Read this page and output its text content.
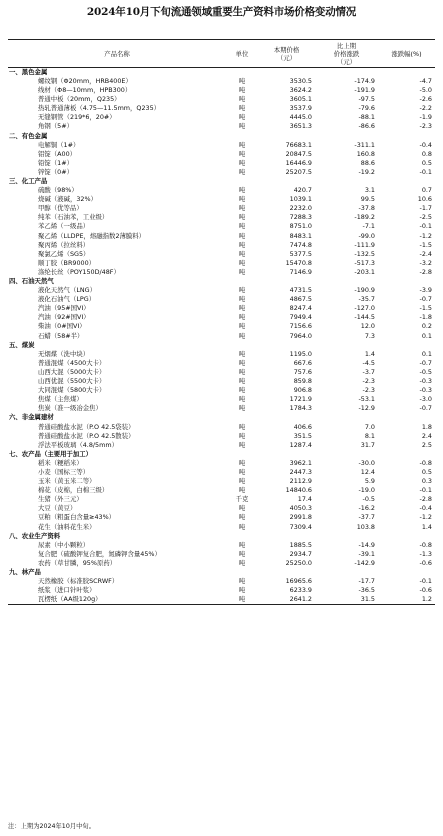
2024年10月下旬流通领域重要生产资料市场价格变动情况
产品名称	单位	本期价格
（元）	比上期
价格涨跌
（元）	涨跌幅(%)
一、黑色金属				
螺纹钢（Φ20mm，HRB400E）	吨	3530.5	-174.9	-4.7
线材（Φ8—10mm，HPB300）	吨	3624.2	-191.9	-5.0
普通中板（20mm，Q235）	吨	3605.1	-97.5	-2.6
热轧普通薄板（4.75—11.5mm，Q235）	吨	3537.9	-79.6	-2.2
无缝钢管（219*6，20#）	吨	4445.0	-88.1	-1.9
角钢（5#）	吨	3651.3	-86.6	-2.3
二、有色金属				
电解铜（1#）	吨	76683.1	-311.1	-0.4
铝锭（A00）	吨	20847.5	160.8	0.8
铅锭（1#）	吨	16446.9	88.6	0.5
锌锭（0#）	吨	25207.5	-19.2	-0.1
三、化工产品				
硫酸（98%）	吨	420.7	3.1	0.7
烧碱（液碱，32%）	吨	1039.1	99.5	10.6
甲醇（优等品）	吨	2232.0	-37.8	-1.7
纯苯（石油苯，工业级）	吨	7288.3	-189.2	-2.5
苯乙烯（一级品）	吨	8751.0	-7.1	-0.1
聚乙烯（LLDPE，熔融指数2薄膜料）	吨	8483.1	-99.0	-1.2
聚丙烯（拉丝料）	吨	7474.8	-111.9	-1.5
聚氯乙烯（SG5）	吨	5377.5	-132.5	-2.4
顺丁胶（BR9000）	吨	15470.8	-517.3	-3.2
涤纶长丝（POY150D/48F）	吨	7146.9	-203.1	-2.8
四、石油天然气				
液化天然气（LNG）	吨	4731.5	-190.9	-3.9
液化石油气（LPG）	吨	4867.5	-35.7	-0.7
汽油（95#国VI）	吨	8247.4	-127.0	-1.5
汽油（92#国VI）	吨	7949.4	-144.5	-1.8
柴油（0#国VI）	吨	7156.6	12.0	0.2
石蜡（58#半）	吨	7964.0	7.3	0.1
五、煤炭				
无烟煤（洗中块）	吨	1195.0	1.4	0.1
普通混煤（4500大卡）	吨	667.6	-4.5	-0.7
山西大混（5000大卡）	吨	757.6	-3.7	-0.5
山西优混（5500大卡）	吨	859.8	-2.3	-0.3
大同混煤（5800大卡）	吨	906.8	-2.3	-0.3
焦煤（主焦煤）	吨	1721.9	-53.1	-3.0
焦炭（准一级冶金焦）	吨	1784.3	-12.9	-0.7
六、非金属建材				
普通硅酸盐水泥（P.O 42.5袋装）	吨	406.6	7.0	1.8
普通硅酸盐水泥（P.O 42.5散装）	吨	351.5	8.1	2.4
浮法平板玻璃（4.8/5mm）	吨	1287.4	31.7	2.5
七、农产品（主要用于加工）				
稻米（粳稻米）	吨	3962.1	-30.0	-0.8
小麦（国标三等）	吨	2447.3	12.4	0.5
玉米（黄玉米二等）	吨	2112.9	5.9	0.3
棉花（皮棉，白棉三级）	吨	14840.6	-19.0	-0.1
生猪（外三元）	千克	17.4	-0.5	-2.8
大豆（黄豆）	吨	4050.3	-16.2	-0.4
豆粕（粗蛋白含量≥43%）	吨	2991.8	-37.7	-1.2
花生（油料花生米）	吨	7309.4	103.8	1.4
八、农业生产资料				
尿素（中小颗粒）	吨	1885.5	-14.9	-0.8
复合肥（硫酸钾复合肥，氮磷钾含量45%）	吨	2934.7	-39.1	-1.3
农药（草甘膦，95%原药）	吨	25250.0	-142.9	-0.6
九、林产品				
天然橡胶（标准胶SCRWF）	吨	16965.6	-17.7	-0.1
纸浆（进口针叶浆）	吨	6233.9	-36.5	-0.6
瓦楞纸（AA级120g）	吨	2641.2	31.5	1.2
注：上期为2024年10月中旬。
